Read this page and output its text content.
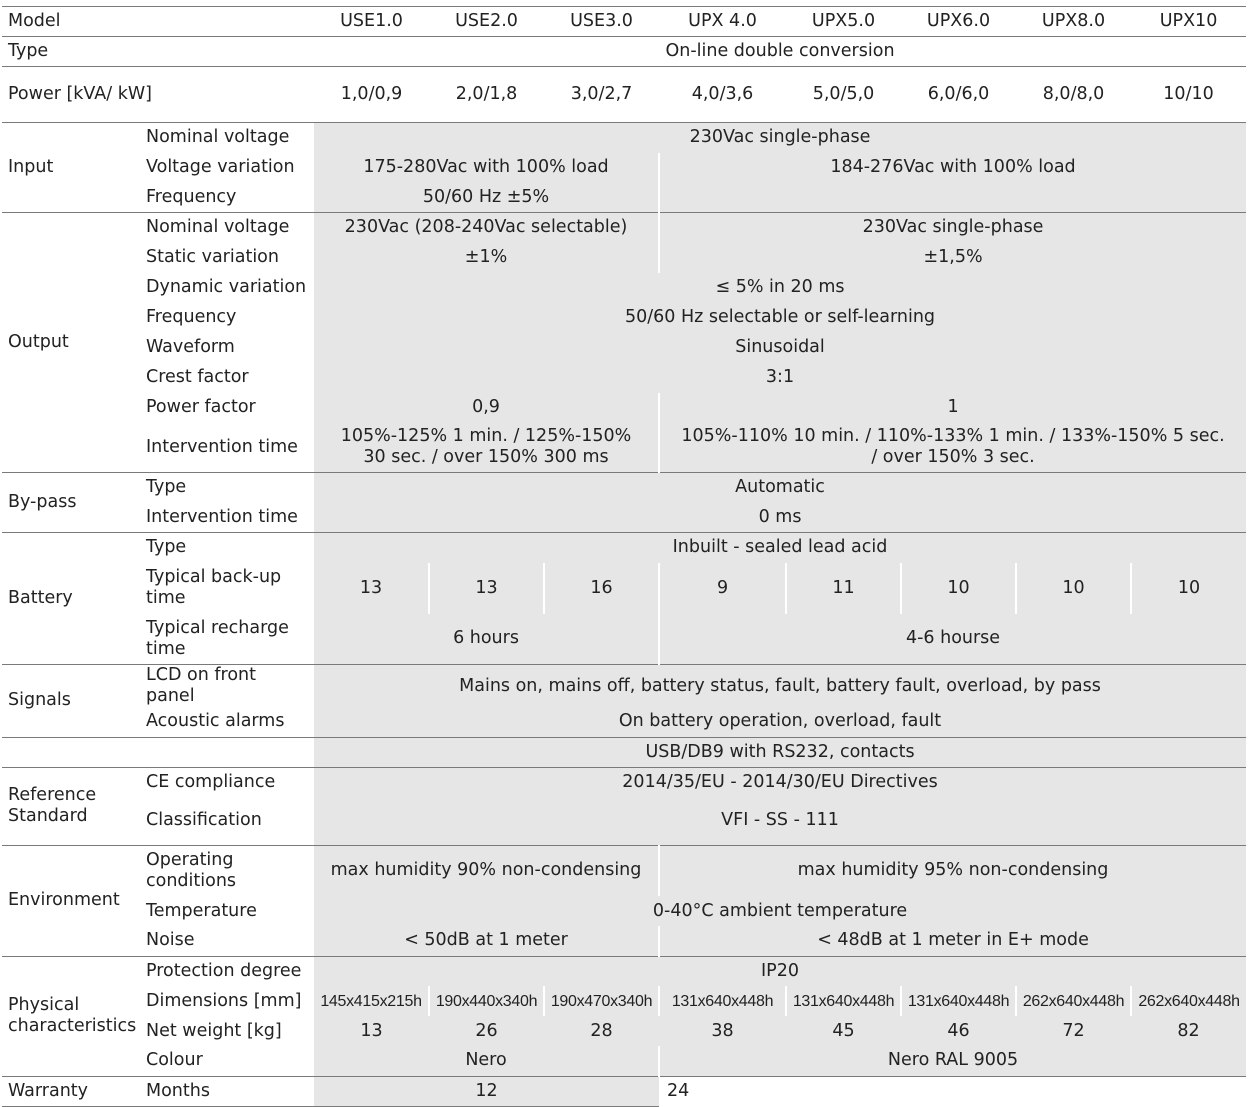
Model		USE1.0	USE2.0	USE3.0	UPX 4.0	UPX5.0	UPX6.0	UPX8.0	UPX10
Type		On-line double conversion							
Power [kVA/ kW]		1,0/0,9	2,0/1,8	3,0/2,7	4,0/3,6	5,0/5,0	6,0/6,0	8,0/8,0	10/10
Input	Nominal voltage	230Vac single-phase							
	Voltage variation	175-280Vac with 100% load			184-276Vac with 100% load				
	Frequency	50/60 Hz ±5%							
Output	Nominal voltage	230Vac (208-240Vac selectable)			230Vac single-phase				
	Static variation	±1%			±1,5%				
	Dynamic variation	≤ 5% in 20 ms							
	Frequency	50/60 Hz selectable or self-learning							
	Waveform	Sinusoidal							
	Crest factor	3:1							
	Power factor	0,9			1				
	Intervention time	105%-125% 1 min. / 125%-150% 30 sec. / over 150% 300 ms			105%-110% 10 min. / 110%-133% 1 min. / 133%-150% 5 sec. / over 150% 3 sec.				
By-pass	Type	Automatic							
	Intervention time	0 ms							
Battery	Type	Inbuilt - sealed lead acid							
	Typical back-up time	13	13	16	9	11	10	10	10
	Typical recharge time	6 hours			4-6 hourse				
Signals	LCD on front panel	Mains on, mains off, battery status, fault, battery fault, overload, by pass							
	Acoustic alarms	On battery operation, overload, fault							
		USB/DB9 with RS232, contacts							
Reference Standard	CE compliance	2014/35/EU - 2014/30/EU Directives							
	Classification	VFI - SS - 111							
Environment	Operating conditions	max humidity 90% non-condensing			max humidity 95% non-condensing				
	Temperature	0-40°C ambient temperature							
	Noise	< 50dB at 1 meter			< 48dB at 1 meter in E+ mode				
Physical characteristics	Protection degree	IP20							
	Dimensions [mm]	145x415x215h	190x440x340h	190x470x340h	131x640x448h	131x640x448h	131x640x448h	262x640x448h	262x640x448h
	Net weight [kg]	13	26	28	38	45	46	72	82
	Colour	Nero			Nero RAL 9005				
Warranty	Months	12			24				
